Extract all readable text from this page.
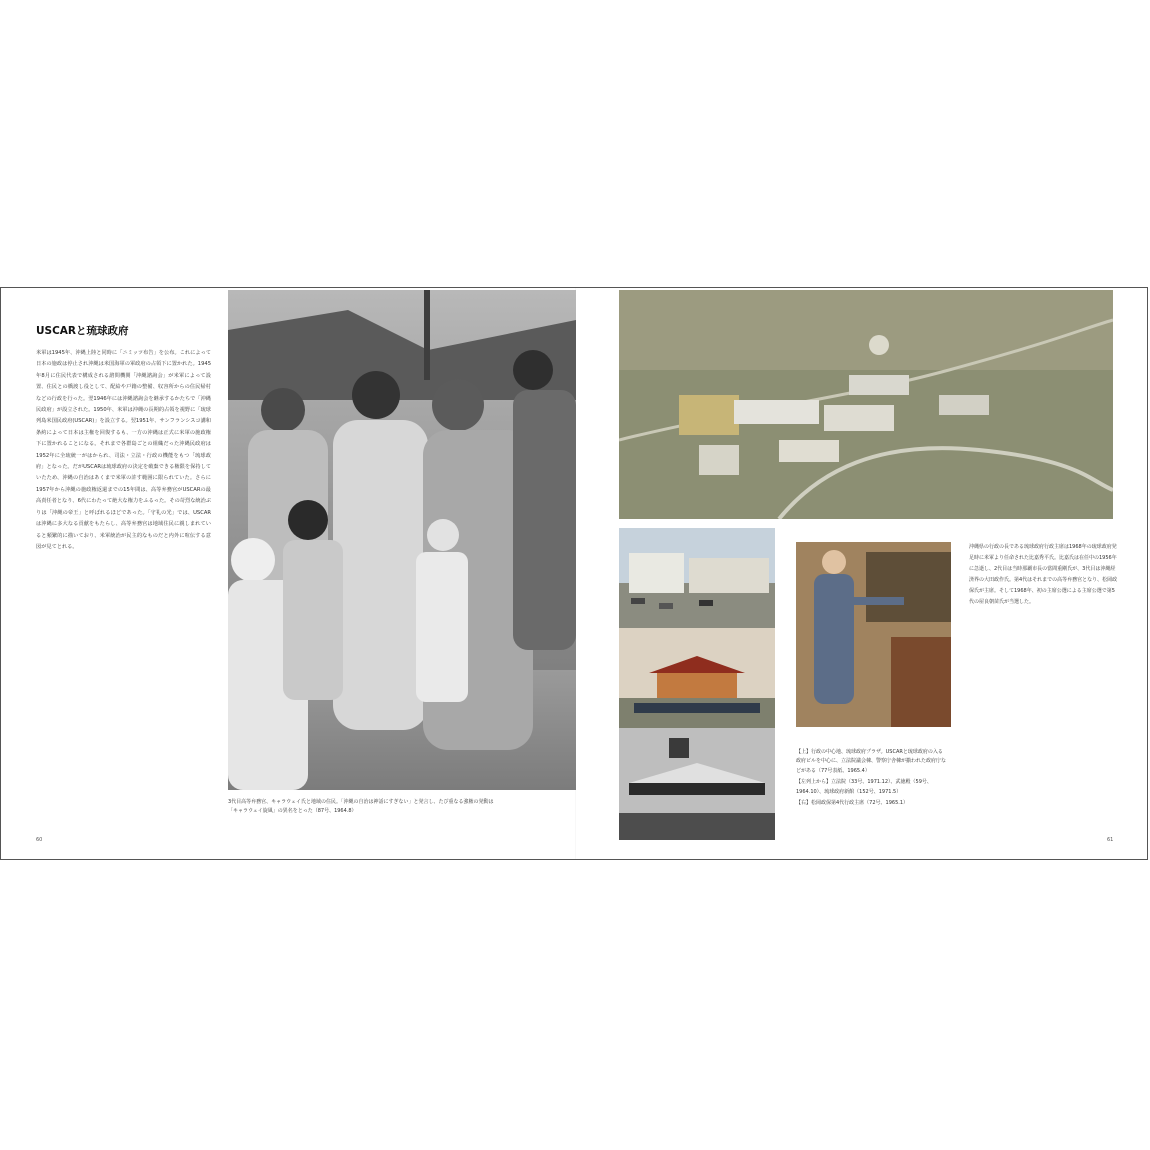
USCARと琉球政府

米軍は1945年、沖縄上陸と同時に「ニミッツ布告」を公布。これによって日本の施政は停止され沖縄は米国海軍の軍政府の占領下に置かれた。1945年8月に住民代表で構成される諮問機関「沖縄諮詢会」が米軍によって設置、住民との橋渡し役として、配給や戸籍の整備、収容所からの住民帰村などの行政を行った。翌1946年には沖縄諮詢会を継承するかたちで「沖縄民政府」が設立された。1950年、米軍は沖縄の長期的占領を視野に「琉球列島米国民政府(USCAR)」を設立する。翌1951年、サンフランシスコ講和条約によって日本は主権を回復するも、一方の沖縄は正式に米軍の施政権下に置かれることになる。それまで各群島ごとの組織だった沖縄民政府は1952年に全琉統一がはかられ、司法・立法・行政の機能をもつ「琉球政府」となった。だがUSCARは琉球政府の決定を破棄できる権限を保持していたため、沖縄の自治はあくまで米軍の許す範囲に限られていた。さらに1957年から沖縄の施政権返還までの15年間は、高等弁務官がUSCARの最高責任者となり、6代にわたって絶大な権力をふるった。その苛烈な統治ぶりは「沖縄の帝王」と呼ばれるほどであった。「守礼の光」では、USCARは沖縄に多大なる貢献をもたらし、高等弁務官は地域住民に親しまれていると頻繁的に描いており、米軍統治が民主的なものだと内外に喧伝する意図が見てとれる。

3代目高等弁務官、キャラウェイ氏と地域の住民。「沖縄の自治は神話にすぎない」と発言し、たび重なる強権の発動は「キャラウェイ旋風」の異名をとった（87号、1964.8）

60

沖縄県の行政の長である琉球政府行政主席は1968年の琉球政府発足時に米軍より任命された比嘉秀平氏。比嘉氏は在任中の1956年に急逝し、2代目は当時那覇市長の當間重剛氏が、3代目は沖縄経済界の大田政作氏。第4代はそれまでの高等弁務官となり、松岡政保氏が主席。そして1968年、初の主席公選による主席公選で第5代の屋良朝苗氏が当選した。

【上】行政の中心地、琉球政府プラザ。USCARと琉球政府の入る政府ビルを中心に、立法院議会棟、警察庁舎棟が揃われた政府庁などがある（77号表紙、1965.4）

【左列上から】立法院（33号、1971.12）、武徳殿（59号、1964.10）、琉球政府新館（152号、1971.5）

【右】松岡政保第4代行政主席（72号、1965.1）

61
